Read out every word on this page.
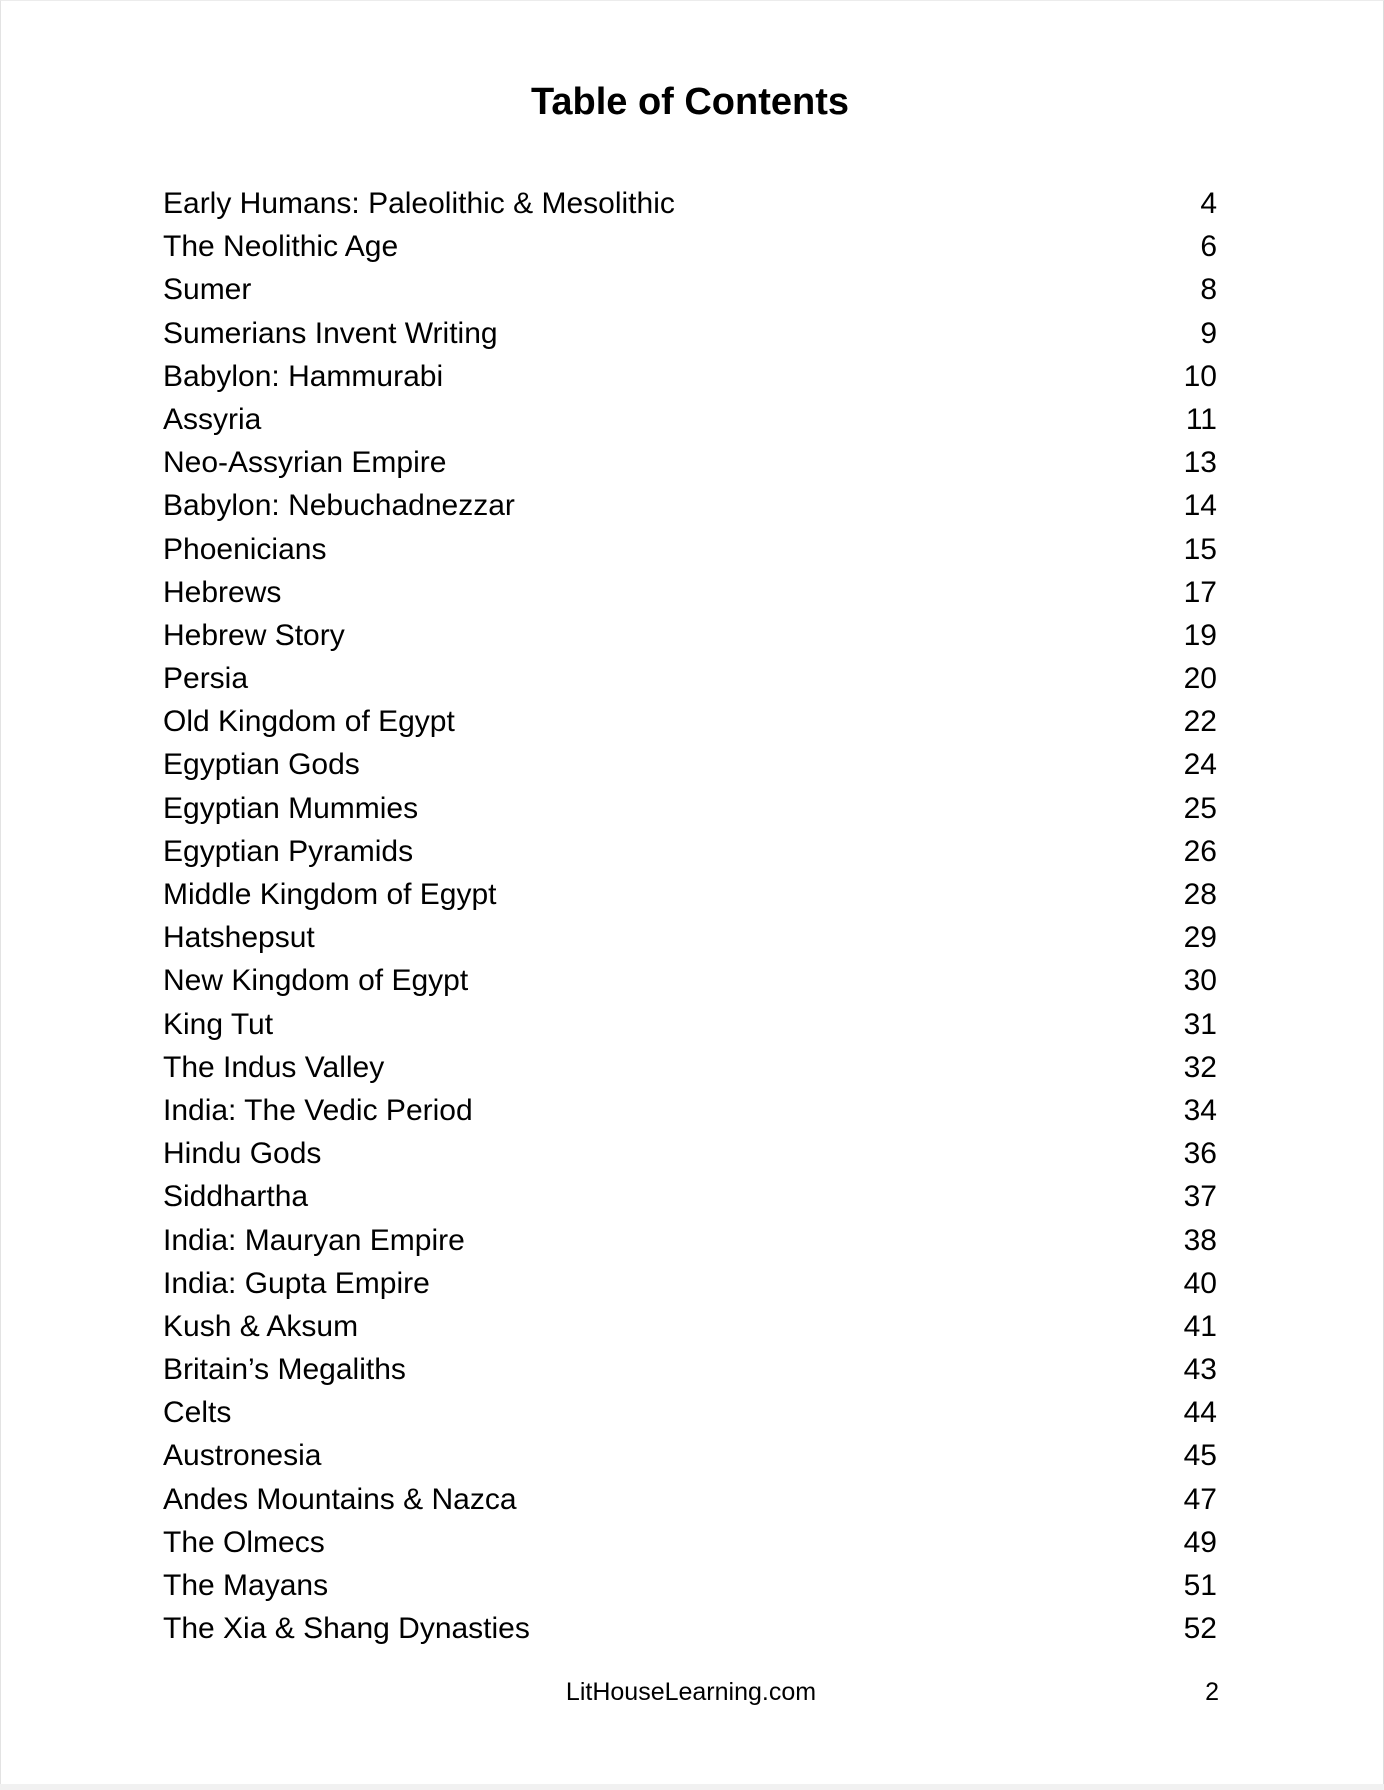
Table of Contents
Early Humans: Paleolithic & Mesolithic	4
The Neolithic Age	6
Sumer	8
Sumerians Invent Writing	9
Babylon: Hammurabi	10
Assyria	11
Neo-Assyrian Empire	13
Babylon: Nebuchadnezzar	14
Phoenicians	15
Hebrews	17
Hebrew Story	19
Persia	20
Old Kingdom of Egypt	22
Egyptian Gods	24
Egyptian Mummies	25
Egyptian Pyramids	26
Middle Kingdom of Egypt	28
Hatshepsut	29
New Kingdom of Egypt	30
King Tut	31
The Indus Valley	32
India: The Vedic Period	34
Hindu Gods	36
Siddhartha	37
India: Mauryan Empire	38
India: Gupta Empire	40
Kush & Aksum	41
Britain’s Megaliths	43
Celts	44
Austronesia	45
Andes Mountains & Nazca	47
The Olmecs	49
The Mayans	51
The Xia & Shang Dynasties	52
LitHouseLearning.com	2
